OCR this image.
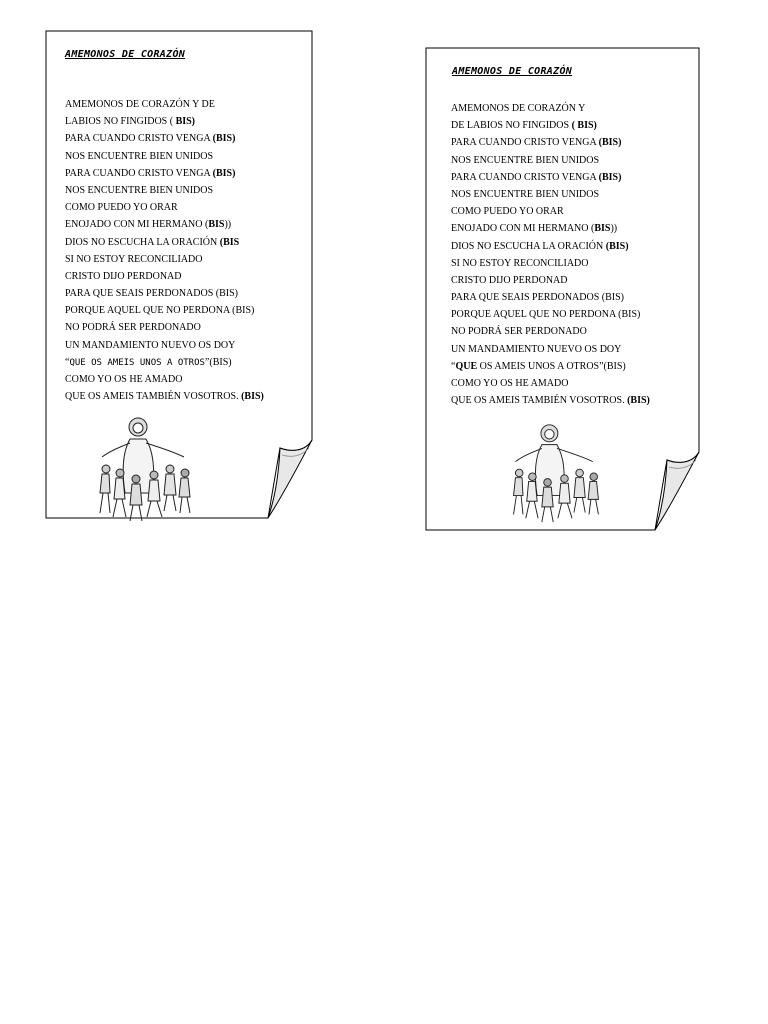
AMEMONOS DE CORAZÓN
AMEMONOS DE CORAZÓN Y DE
LABIOS NO FINGIDOS ( BIS)
PARA CUANDO CRISTO VENGA (BIS)
NOS ENCUENTRE BIEN UNIDOS
PARA CUANDO CRISTO VENGA (BIS)
NOS ENCUENTRE BIEN UNIDOS
COMO PUEDO YO ORAR
ENOJADO CON MI HERMANO (BIS))
DIOS NO ESCUCHA LA ORACIÓN (BIS
SI NO ESTOY RECONCILIADO
CRISTO DIJO PERDONAD
PARA QUE SEAIS PERDONADOS (BIS)
PORQUE AQUEL QUE NO PERDONA (BIS)
NO PODRÁ SER PERDONADO
UN MANDAMIENTO NUEVO OS DOY
“QUE OS AMEIS UNOS A OTROS”(BIS)
COMO YO OS HE AMADO
QUE OS AMEIS TAMBIÉN VOSOTROS. (BIS)
AMEMONOS DE CORAZÓN
AMEMONOS DE CORAZÓN Y
DE LABIOS NO FINGIDOS ( BIS)
PARA CUANDO CRISTO VENGA (BIS)
NOS ENCUENTRE BIEN UNIDOS
PARA CUANDO CRISTO VENGA (BIS)
NOS ENCUENTRE BIEN UNIDOS
COMO PUEDO YO ORAR
ENOJADO CON MI HERMANO (BIS))
DIOS NO ESCUCHA LA ORACIÓN (BIS)
SI NO ESTOY RECONCILIADO
CRISTO DIJO PERDONAD
PARA QUE SEAIS PERDONADOS (BIS)
PORQUE AQUEL QUE NO PERDONA (BIS)
NO PODRÁ SER PERDONADO
UN MANDAMIENTO NUEVO OS DOY
“QUE OS AMEIS UNOS A OTROS”(BIS)
COMO YO OS HE AMADO
QUE OS AMEIS TAMBIÉN VOSOTROS. (BIS)
